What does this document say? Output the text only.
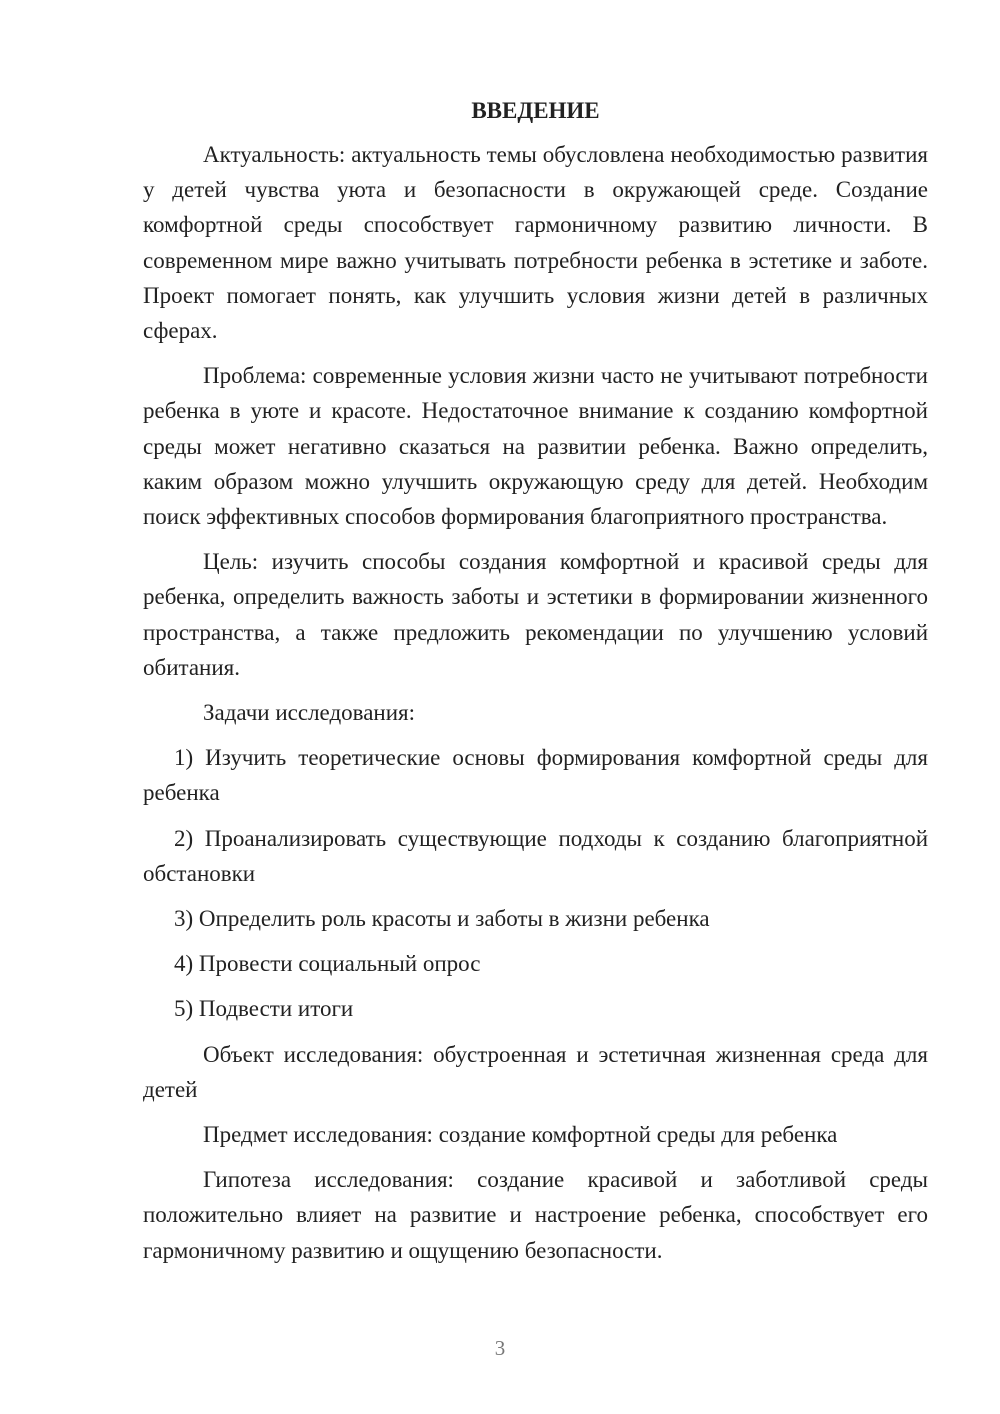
ВВЕДЕНИЕ

Актуальность: актуальность темы обусловлена необходимостью развития у детей чувства уюта и безопасности в окружающей среде. Создание комфортной среды способствует гармоничному развитию личности. В современном мире важно учитывать потребности ребенка в эстетике и заботе. Проект помогает понять, как улучшить условия жизни детей в различных сферах.

Проблема: современные условия жизни часто не учитывают потребности ребенка в уюте и красоте. Недостаточное внимание к созданию комфортной среды может негативно сказаться на развитии ребенка. Важно определить, каким образом можно улучшить окружающую среду для детей. Необходим поиск эффективных способов формирования благоприятного пространства.

Цель: изучить способы создания комфортной и красивой среды для ребенка, определить важность заботы и эстетики в формировании жизненного пространства, а также предложить рекомендации по улучшению условий обитания.

Задачи исследования:

1) Изучить теоретические основы формирования комфортной среды для ребенка

2) Проанализировать существующие подходы к созданию благоприятной обстановки

3) Определить роль красоты и заботы в жизни ребенка

4) Провести социальный опрос

5) Подвести итоги

Объект исследования: обустроенная и эстетичная жизненная среда для детей

Предмет исследования: создание комфортной среды для ребенка

Гипотеза исследования: создание красивой и заботливой среды положительно влияет на развитие и настроение ребенка, способствует его гармоничному развитию и ощущению безопасности.

3
